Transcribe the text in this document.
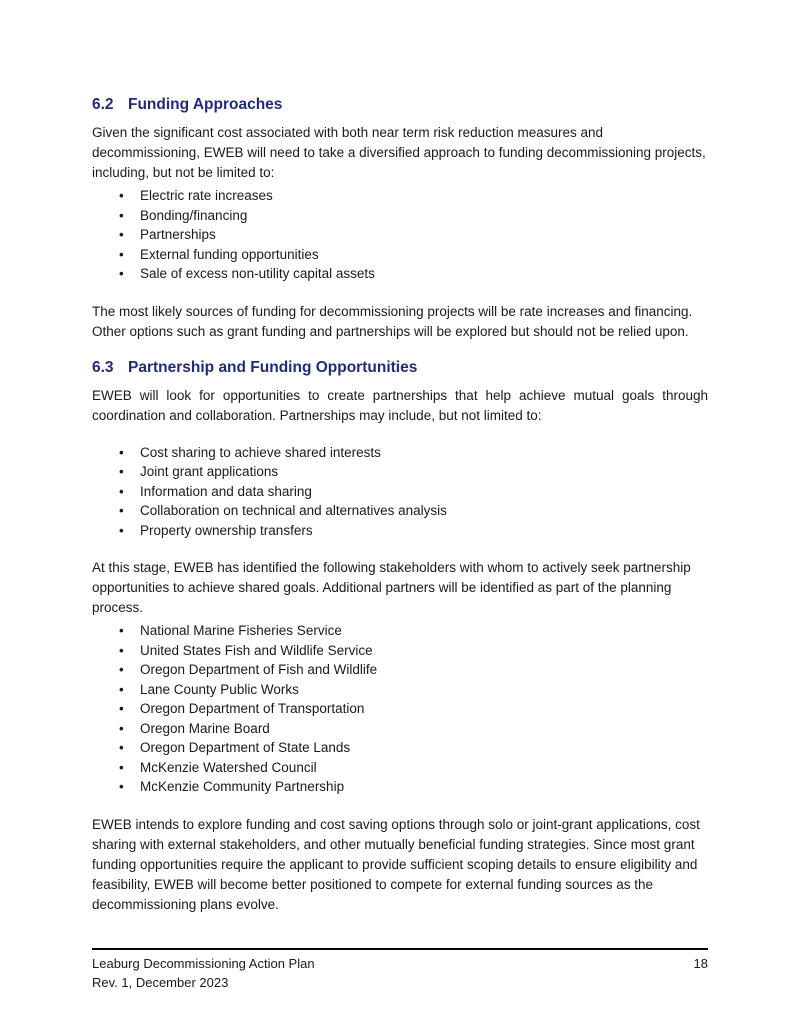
6.2 Funding Approaches

Given the significant cost associated with both near term risk reduction measures and decommissioning, EWEB will need to take a diversified approach to funding decommissioning projects, including, but not be limited to:

• Electric rate increases
• Bonding/financing
• Partnerships
• External funding opportunities
• Sale of excess non-utility capital assets

The most likely sources of funding for decommissioning projects will be rate increases and financing. Other options such as grant funding and partnerships will be explored but should not be relied upon.

6.3 Partnership and Funding Opportunities

EWEB will look for opportunities to create partnerships that help achieve mutual goals through coordination and collaboration. Partnerships may include, but not limited to:

• Cost sharing to achieve shared interests
• Joint grant applications
• Information and data sharing
• Collaboration on technical and alternatives analysis
• Property ownership transfers

At this stage, EWEB has identified the following stakeholders with whom to actively seek partnership opportunities to achieve shared goals. Additional partners will be identified as part of the planning process.

• National Marine Fisheries Service
• United States Fish and Wildlife Service
• Oregon Department of Fish and Wildlife
• Lane County Public Works
• Oregon Department of Transportation
• Oregon Marine Board
• Oregon Department of State Lands
• McKenzie Watershed Council
• McKenzie Community Partnership

EWEB intends to explore funding and cost saving options through solo or joint-grant applications, cost sharing with external stakeholders, and other mutually beneficial funding strategies. Since most grant funding opportunities require the applicant to provide sufficient scoping details to ensure eligibility and feasibility, EWEB will become better positioned to compete for external funding sources as the decommissioning plans evolve.

Leaburg Decommissioning Action Plan	18
Rev. 1, December 2023
